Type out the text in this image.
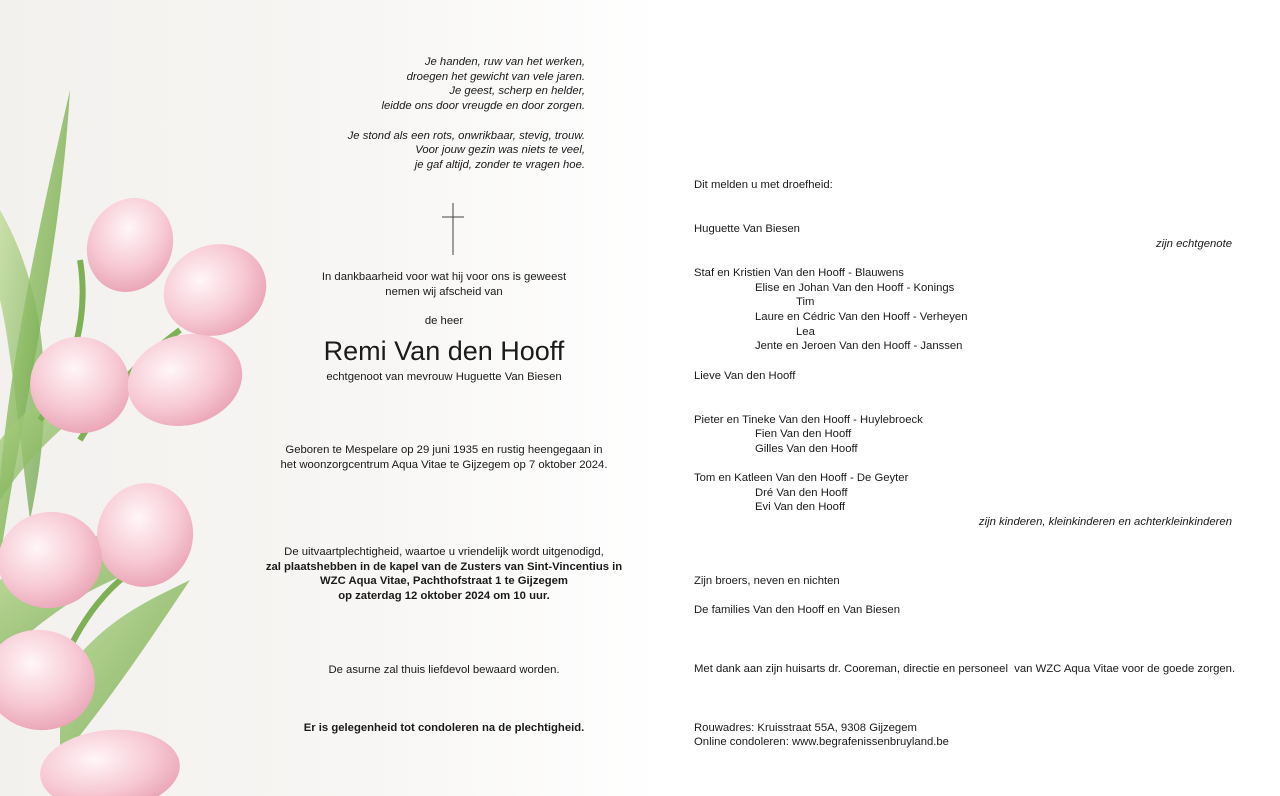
Je handen, ruw van het werken,
droegen het gewicht van vele jaren.
Je geest, scherp en helder,
leidde ons door vreugde en door zorgen.

Je stond als een rots, onwrikbaar, stevig, trouw.
Voor jouw gezin was niets te veel,
je gaf altijd, zonder te vragen hoe.

In dankbaarheid voor wat hij voor ons is geweest
nemen wij afscheid van
de heer
Remi Van den Hooff
echtgenoot van mevrouw Huguette Van Biesen
Geboren te Mespelare op 29 juni 1935 en rustig heengegaan in
het woonzorgcentrum Aqua Vitae te Gijzegem op 7 oktober 2024.
De uitvaartplechtigheid, waartoe u vriendelijk wordt uitgenodigd,
zal plaatshebben in de kapel van de Zusters van Sint-Vincentius in
WZC Aqua Vitae, Pachthofstraat 1 te Gijzegem
op zaterdag 12 oktober 2024 om 10 uur.
De asurne zal thuis liefdevol bewaard worden.
Er is gelegenheid tot condoleren na de plechtigheid.
Dit melden u met droefheid:
Huguette Van Biesen
zijn echtgenote
Staf en Kristien Van den Hooff - Blauwens
Elise en Johan Van den Hooff - Konings
Tim
Laure en Cédric Van den Hooff - Verheyen
Lea
Jente en Jeroen Van den Hooff - Janssen
Lieve Van den Hooff
Pieter en Tineke Van den Hooff - Huylebroeck
Fien Van den Hooff
Gilles Van den Hooff
Tom en Katleen Van den Hooff - De Geyter
Dré Van den Hooff
Evi Van den Hooff
zijn kinderen, kleinkinderen en achterkleinkinderen
Zijn broers, neven en nichten
De families Van den Hooff en Van Biesen
Met dank aan zijn huisarts dr. Cooreman, directie en personeel  van WZC Aqua Vitae voor de goede zorgen.
Rouwadres: Kruisstraat 55A, 9308 Gijzegem
Online condoleren: www.begrafenissenbruyland.be
